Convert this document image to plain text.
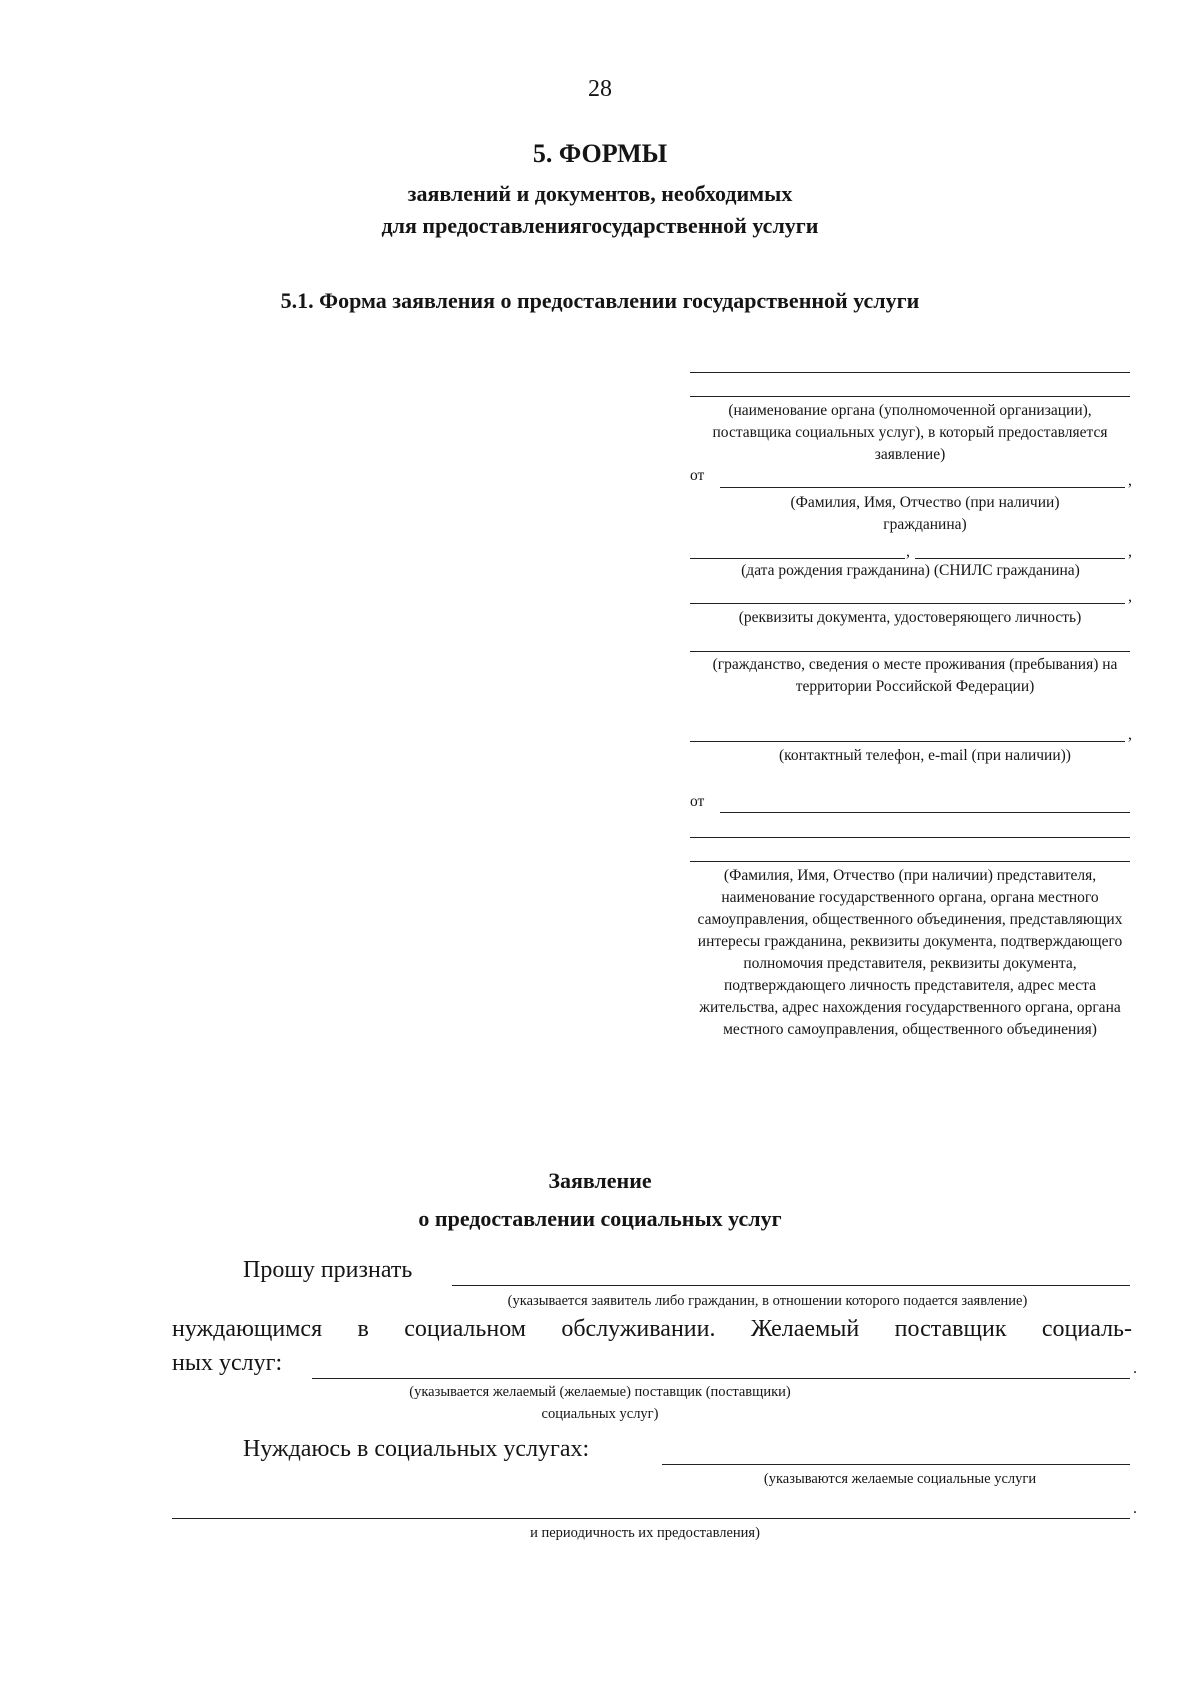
28
5. ФОРМЫ
заявлений и документов, необходимых
для предоставлениягосударственной услуги
5.1. Форма заявления о предоставлении государственной услуги
(наименование органа (уполномоченной организации), поставщика социальных услуг), в который предоставляется заявление)
от	,
(Фамилия, Имя, Отчество (при наличии) гражданина)
,	,
(дата рождения гражданина) (СНИЛС гражданина)
,
(реквизиты документа, удостоверяющего личность)
(гражданство, сведения о месте проживания (пребывания) на территории Российской Федерации)
,
(контактный телефон, e-mail (при наличии))
от
(Фамилия, Имя, Отчество (при наличии) представителя, наименование государственного органа, органа местного самоуправления, общественного объединения, представляющих интересы гражданина, реквизиты документа, подтверждающего полномочия представителя, реквизиты документа, подтверждающего личность представителя, адрес места жительства, адрес нахождения государственного органа, органа местного самоуправления, общественного объединения)
Заявление
о предоставлении социальных услуг
Прошу признать
(указывается заявитель либо гражданин, в отношении которого подается заявление)
нуждающимся в социальном обслуживании. Желаемый поставщик социаль-
ных услуг:	.
(указывается желаемый (желаемые) поставщик (поставщики)
социальных услуг)
Нуждаюсь в социальных услугах:
(указываются желаемые социальные услуги
.
и периодичность их предоставления)
